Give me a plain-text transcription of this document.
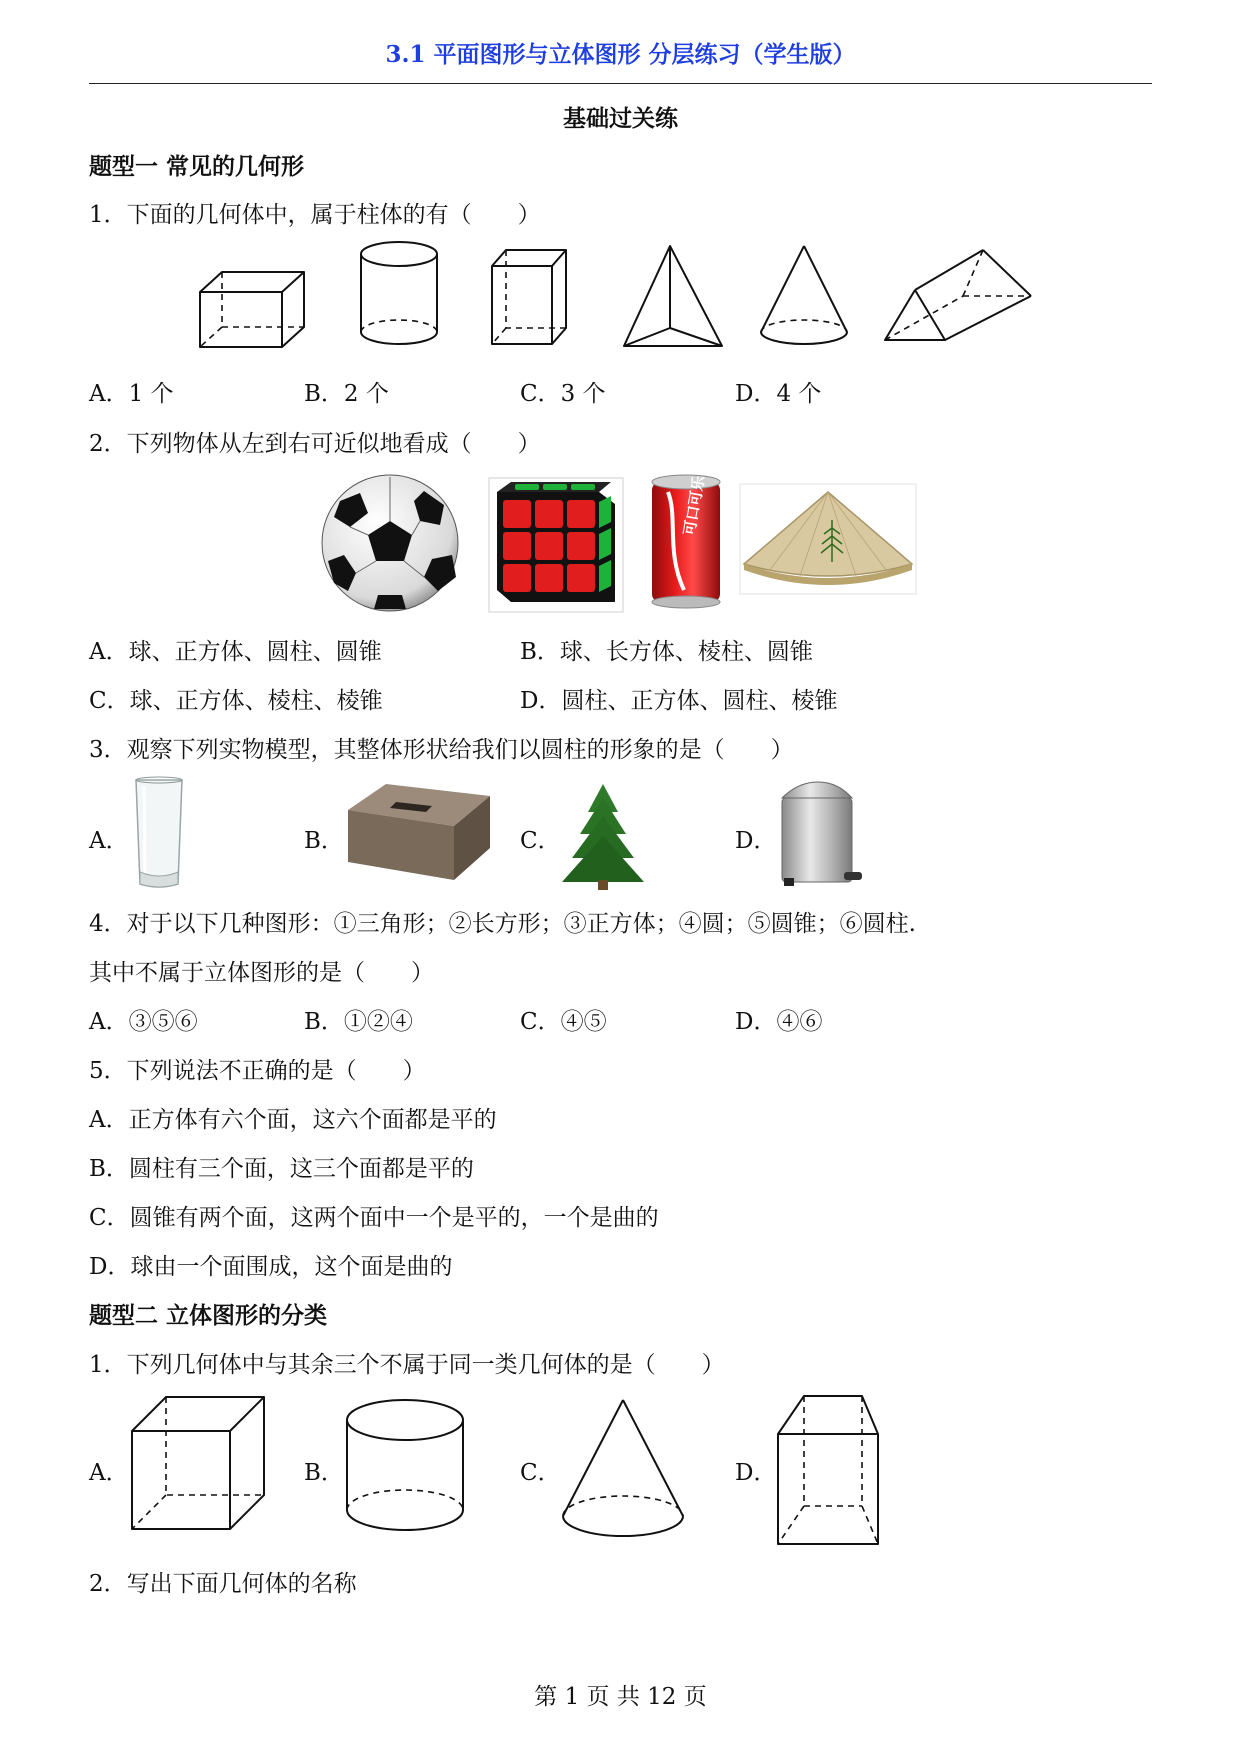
3.1 平面图形与立体图形 分层练习（学生版）
基础过关练
题型一 常见的几何形
1．下面的几何体中，属于柱体的有（　　）
A．1 个	B．2 个	C．3 个	D．4 个
2．下列物体从左到右可近似地看成（　　）
可口可乐
A．球、正方体、圆柱、圆锥	B．球、长方体、棱柱、圆锥
C．球、正方体、棱柱、棱锥	D．圆柱、正方体、圆柱、棱锥
3．观察下列实物模型，其整体形状给我们以圆柱的形象的是（　　）
A．	B．	C．	D．
4．对于以下几种图形：①三角形；②长方形；③正方体；④圆；⑤圆锥；⑥圆柱.
其中不属于立体图形的是（　　）
A．③⑤⑥	B．①②④	C．④⑤	D．④⑥
5．下列说法不正确的是（　　）
A．正方体有六个面，这六个面都是平的
B．圆柱有三个面，这三个面都是平的
C．圆锥有两个面，这两个面中一个是平的，一个是曲的
D．球由一个面围成，这个面是曲的
题型二 立体图形的分类
1．下列几何体中与其余三个不属于同一类几何体的是（　　）
A．	B．	C．	D．
2．写出下面几何体的名称
第 1 页 共 12 页
